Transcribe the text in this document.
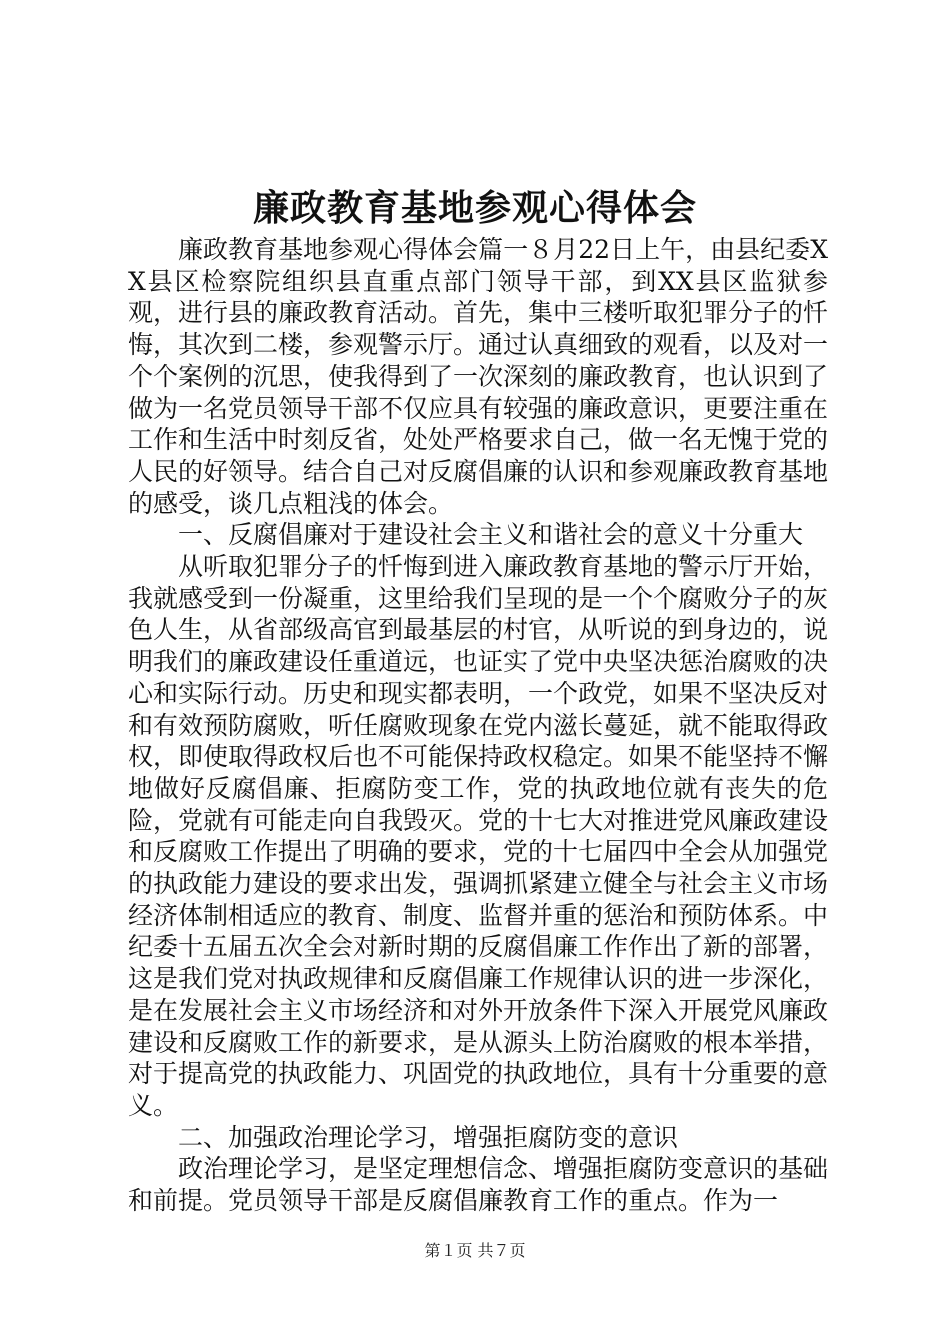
廉政教育基地参观心得体会

廉政教育基地参观心得体会篇一８月22日上午，由县纪委XX县区检察院组织县直重点部门领导干部，到XX县区监狱参观，进行县的廉政教育活动。首先，集中三楼听取犯罪分子的忏悔，其次到二楼，参观警示厅。通过认真细致的观看，以及对一个个案例的沉思，使我得到了一次深刻的廉政教育，也认识到了做为一名党员领导干部不仅应具有较强的廉政意识，更要注重在工作和生活中时刻反省，处处严格要求自己，做一名无愧于党的人民的好领导。结合自己对反腐倡廉的认识和参观廉政教育基地的感受，谈几点粗浅的体会。

一、反腐倡廉对于建设社会主义和谐社会的意义十分重大

从听取犯罪分子的忏悔到进入廉政教育基地的警示厅开始，我就感受到一份凝重，这里给我们呈现的是一个个腐败分子的灰色人生，从省部级高官到最基层的村官，从听说的到身边的，说明我们的廉政建设任重道远，也证实了党中央坚决惩治腐败的决心和实际行动。历史和现实都表明，一个政党，如果不坚决反对和有效预防腐败，听任腐败现象在党内滋长蔓延，就不能取得政权，即使取得政权后也不可能保持政权稳定。如果不能坚持不懈地做好反腐倡廉、拒腐防变工作，党的执政地位就有丧失的危险，党就有可能走向自我毁灭。党的十七大对推进党风廉政建设和反腐败工作提出了明确的要求，党的十七届四中全会从加强党的执政能力建设的要求出发，强调抓紧建立健全与社会主义市场经济体制相适应的教育、制度、监督并重的惩治和预防体系。中纪委十五届五次全会对新时期的反腐倡廉工作作出了新的部署，这是我们党对执政规律和反腐倡廉工作规律认识的进一步深化，是在发展社会主义市场经济和对外开放条件下深入开展党风廉政建设和反腐败工作的新要求，是从源头上防治腐败的根本举措，对于提高党的执政能力、巩固党的执政地位，具有十分重要的意义。

二、加强政治理论学习，增强拒腐防变的意识

政治理论学习，是坚定理想信念、增强拒腐防变意识的基础和前提。党员领导干部是反腐倡廉教育工作的重点。作为一

第１页 共７页
